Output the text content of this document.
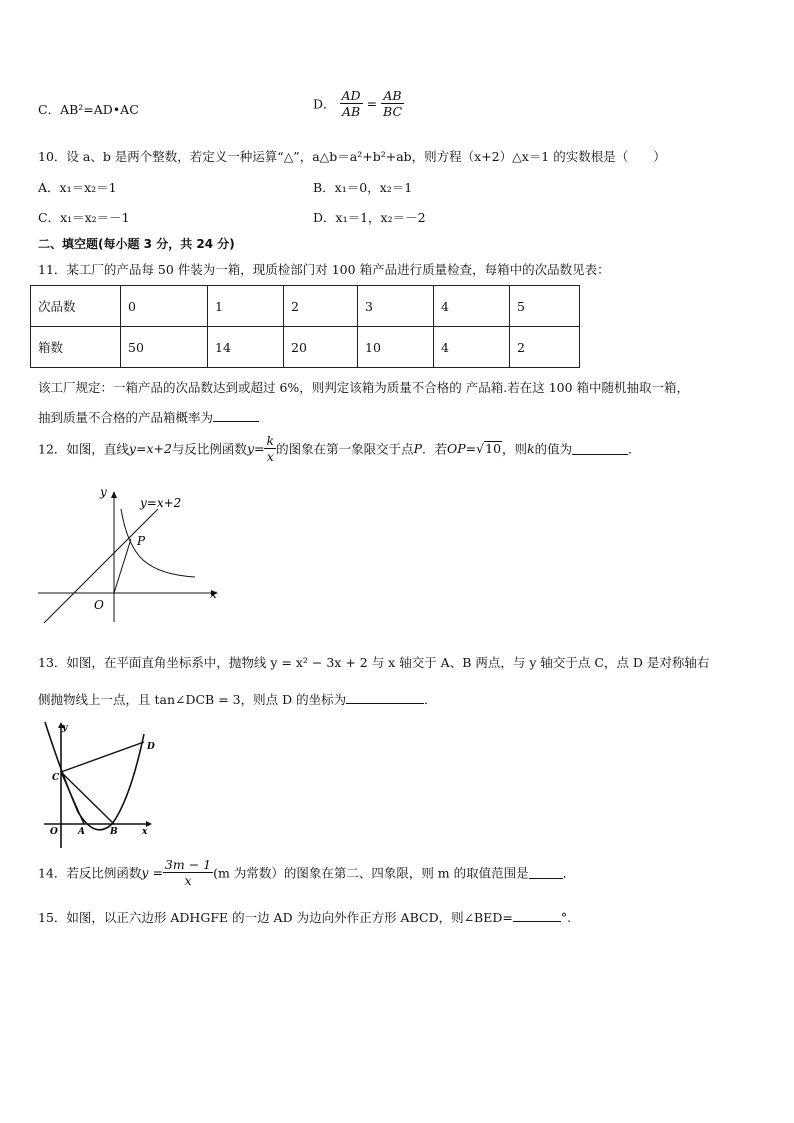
C．AB²=AD•AC	D． $\frac{AD}{AB} = \frac{AB}{BC}$
10．设 a、b 是两个整数，若定义一种运算“△”，a△b＝a²+b²+ab，则方程（x+2）△x＝1 的实数根是（　　）
A．x₁＝x₂＝1	B．x₁＝0，x₂＝1
C．x₁＝x₂＝－1	D．x₁＝1，x₂＝－2
二、填空题(每小题 3 分，共 24 分)
11．某工厂的产品每 50 件装为一箱，现质检部门对 100 箱产品进行质量检查，每箱中的次品数见表：
次品数	0	1	2	3	4	5
箱数	50	14	20	10	4	2
该工厂规定：一箱产品的次品数达到或超过 6%，则判定该箱为质量不合格的 产品箱.若在这 100 箱中随机抽取一箱，
抽到质量不合格的产品箱概率为
12．如图，直线y=x+2与反比例函数$y= \frac{k}{x}$ 的图象在第一象限交于点P．若OP=√10，则k的值为	．
y
x
O
P
y=x+2
13．如图，在平面直角坐标系中，抛物线 y = x² − 3x + 2 与 x 轴交于 A、B 两点，与 y 轴交于点 C，点 D 是对称轴右
侧抛物线上一点，且 tan∠DCB = 3，则点 D 的坐标为	．
y
x
O A	B
C
D
14．若反比例函数$y = \frac{3m - 1}{x} (m$ 为常数）的图象在第二、四象限，则 m 的取值范围是	．
15．如图，以正六边形 ADHGFE 的一边 AD 为边向外作正方形 ABCD，则∠BED=	°.
